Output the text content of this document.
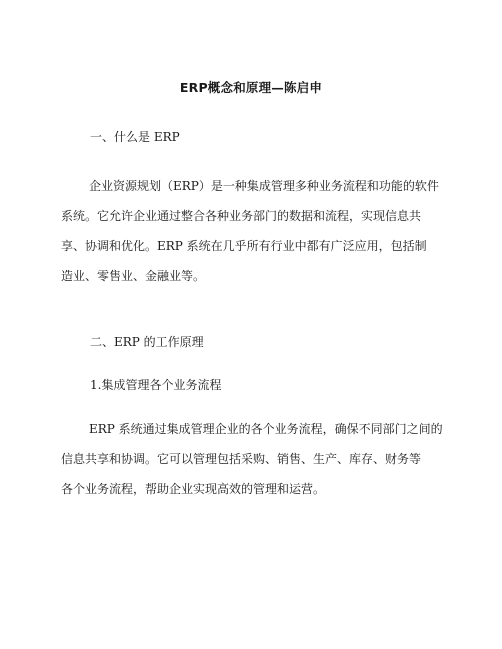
ERP概念和原理—陈启申
一、什么是 ERP
企业资源规划（ERP）是一种集成管理多种业务流程和功能的软件
系统。它允许企业通过整合各种业务部门的数据和流程，实现信息共
享、协调和优化。ERP 系统在几乎所有行业中都有广泛应用，包括制
造业、零售业、金融业等。
二、ERP 的工作原理
1.集成管理各个业务流程
ERP 系统通过集成管理企业的各个业务流程，确保不同部门之间的
信息共享和协调。它可以管理包括采购、销售、生产、库存、财务等
各个业务流程，帮助企业实现高效的管理和运营。
